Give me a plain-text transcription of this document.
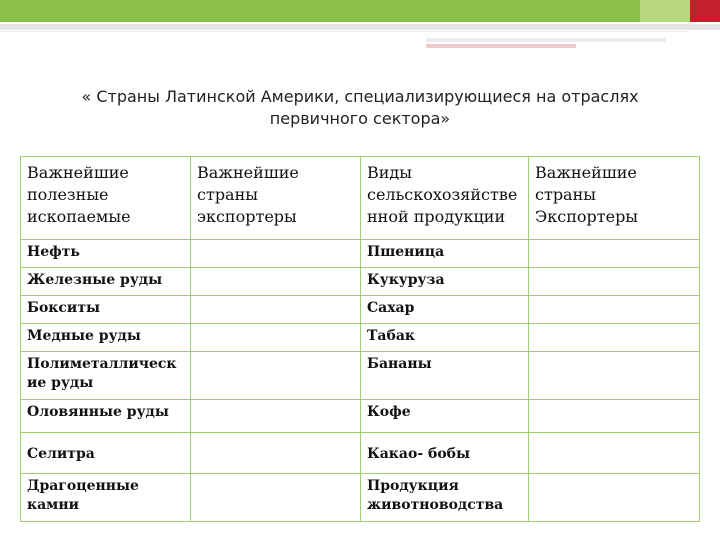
« Страны Латинской Америки, специализирующиеся на отраслях первичного сектора»
Важнейшие полезные ископаемые	Важнейшие страны экспортеры	Виды сельскохозяйстве нной продукции	Важнейшие страны Экспортеры
Нефть		Пшеница	
Железные руды		Кукуруза	
Бокситы		Сахар	
Медные руды		Табак	
Полиметаллическ ие руды		Бананы	
Оловянные руды		Кофе	
Селитра		Какао- бобы	
Драгоценные камни		Продукция животноводства	
